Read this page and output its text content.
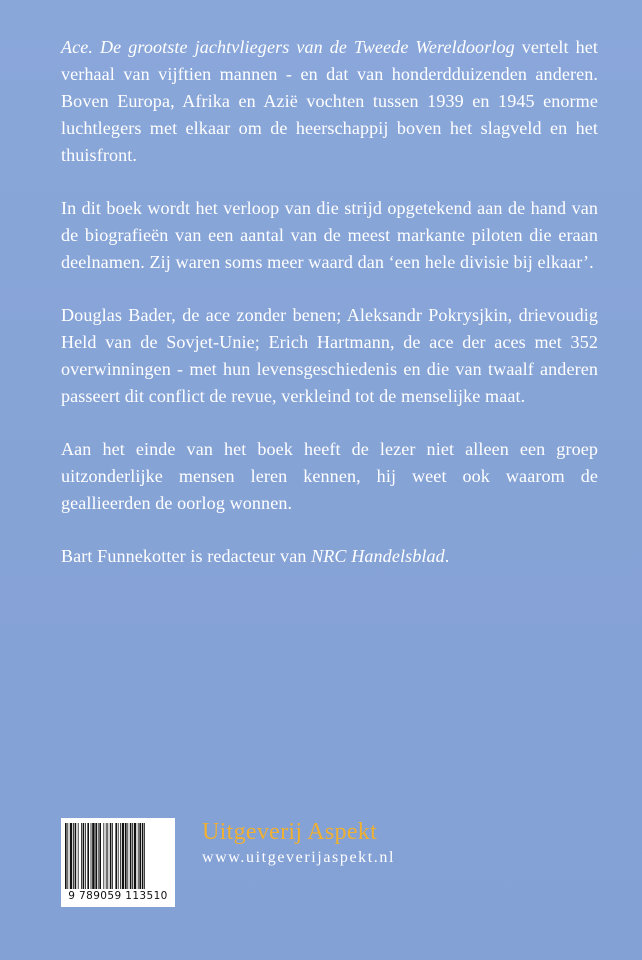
Ace. De grootste jachtvliegers van de Tweede Wereldoorlog vertelt het verhaal van vijftien mannen - en dat van honderdduizenden anderen. Boven Europa, Afrika en Azië vochten tussen 1939 en 1945 enorme luchtlegers met elkaar om de heerschappij boven het slagveld en het thuisfront.

In dit boek wordt het verloop van die strijd opgetekend aan de hand van de biografieën van een aantal van de meest markante piloten die eraan deelnamen. Zij waren soms meer waard dan ‘een hele divisie bij elkaar’.

Douglas Bader, de ace zonder benen; Aleksandr Pokrysjkin, drievoudig Held van de Sovjet-Unie; Erich Hartmann, de ace der aces met 352 overwinningen - met hun levensgeschiedenis en die van twaalf anderen passeert dit conflict de revue, verkleind tot de menselijke maat.

Aan het einde van het boek heeft de lezer niet alleen een groep uitzonderlijke mensen leren kennen, hij weet ook waarom de geallieerden de oorlog wonnen.

Bart Funnekotter is redacteur van NRC Handelsblad.

9 789059 113510
Uitgeverij Aspekt
www.uitgeverijaspekt.nl
